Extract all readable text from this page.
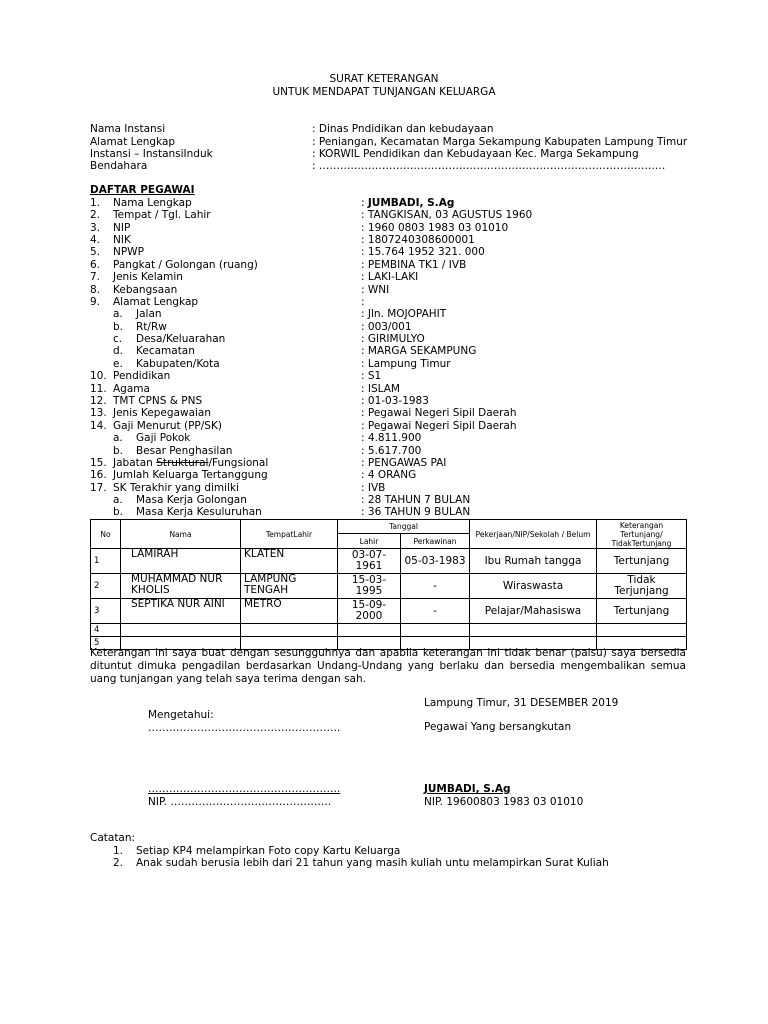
SURAT KETERANGAN
UNTUK MENDAPAT TUNJANGAN KELUARGA
Nama Instansi	: Dinas Pndidikan dan kebudayaan
Alamat Lengkap	: Peniangan, Kecamatan Marga Sekampung Kabupaten Lampung Timur
Instansi – InstansiInduk	: KORWIL Pendidikan dan Kebudayaan Kec. Marga Sekampung
Bendahara	: ………………………………………………………………………………………
DAFTAR PEGAWAI
1. Nama Lengkap	: JUMBADI, S.Ag
2. Tempat / Tgl. Lahir	: TANGKISAN, 03 AGUSTUS 1960
3. NIP	: 1960 0803 1983 03 01010
4. NIK	: 1807240308600001
5. NPWP	: 15.764 1952 321. 000
6. Pangkat / Golongan (ruang)	: PEMBINA TK1 / IVB
7. Jenis Kelamin	: LAKI-LAKI
8. Kebangsaan	: WNI
9. Alamat Lengkap	:
a. Jalan	: Jln. MOJOPAHIT
b. Rt/Rw	: 003/001
c. Desa/Keluarahan	: GIRIMULYO
d. Kecamatan	: MARGA SEKAMPUNG
e. Kabupaten/Kota	: Lampung Timur
10. Pendidikan	: S1
11. Agama	: ISLAM
12. TMT CPNS & PNS	: 01-03-1983
13. Jenis Kepegawaian	: Pegawai Negeri Sipil Daerah
14. Gaji Menurut (PP/SK)	: Pegawai Negeri Sipil Daerah
a. Gaji Pokok	: 4.811.900
b. Besar Penghasilan	: 5.617.700
15. Jabatan Struktural/Fungsional	: PENGAWAS PAI
16. Jumlah Keluarga Tertanggung	: 4 ORANG
17. SK Terakhir yang dimilki	: IVB
a. Masa Kerja Golongan	: 28 TAHUN 7 BULAN
b. Masa Kerja Kesuluruhan	: 36 TAHUN 9 BULAN
No	Nama	TempatLahir	Tanggal		Pekerjaan/NIP/Sekolah / Belum	Keterangan Tertunjang/ TidakTertunjang
			Lahir	Perkawinan		
1	LAMIRAH	KLATEN	03-07-1961	05-03-1983	Ibu Rumah tangga	Tertunjang
2	MUHAMMAD NUR KHOLIS	LAMPUNG TENGAH	15-03-1995	-	Wiraswasta	Tidak Terjunjang
3	SEPTIKA NUR AINI	METRO	15-09-2000	-	Pelajar/Mahasiswa	Tertunjang
4						
5						
Keterangan ini saya buat dengan sesungguhnya dan apabila keterangan ini tidak benar (palsu) saya bersedia dituntut dimuka pengadilan berdasarkan Undang-Undang yang berlaku dan bersedia mengembalikan semua uang tunjangan yang telah saya terima dengan sah.
Lampung Timur, 31 DESEMBER 2019
Mengetahui:
……………………………………………….	Pegawai Yang bersangkutan
……………………………………………….
NIP. ……………………………………….
JUMBADI, S.Ag
NIP. 19600803 1983 03 01010
Catatan:
1. Setiap KP4 melampirkan Foto copy Kartu Keluarga
2. Anak sudah berusia lebih dari 21 tahun yang masih kuliah untu melampirkan Surat Kuliah
